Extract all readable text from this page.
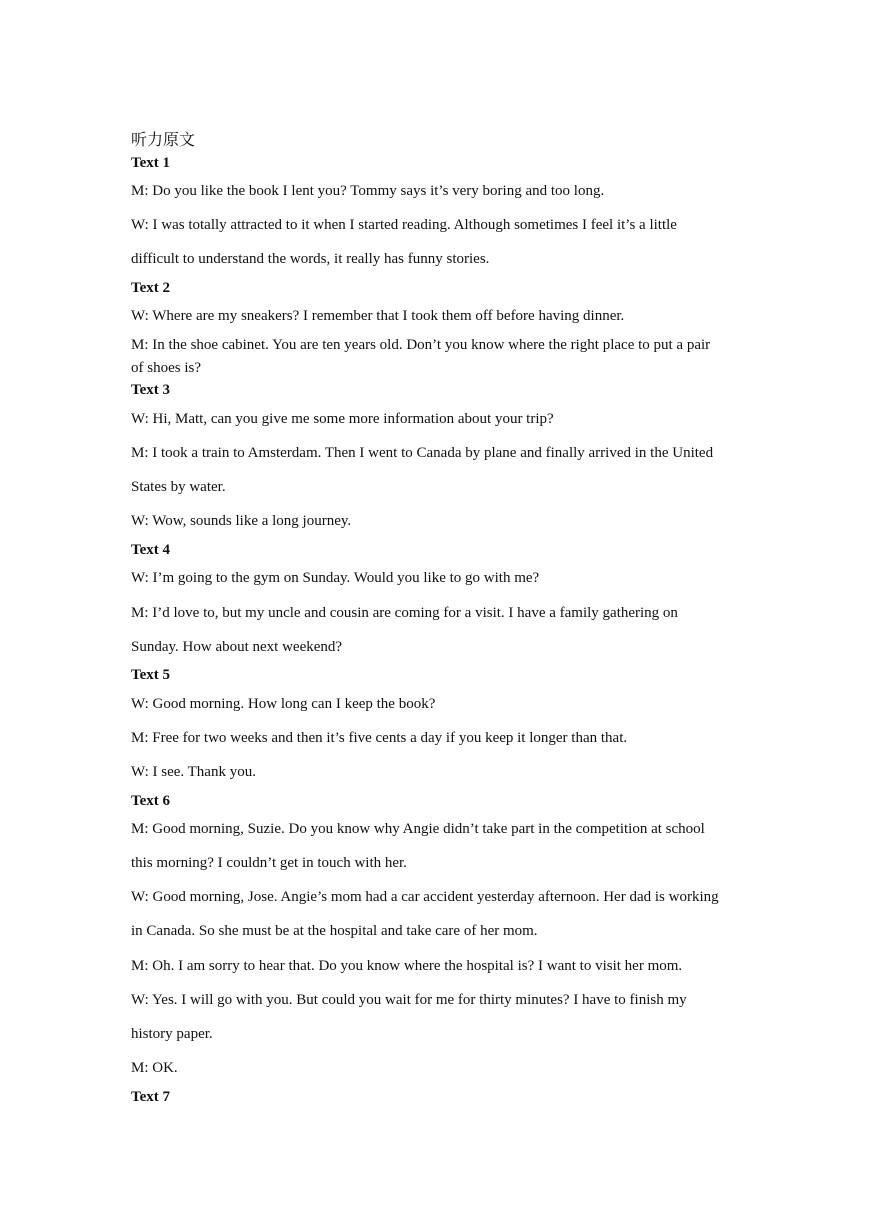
听力原文
Text 1
M: Do you like the book I lent you? Tommy says it’s very boring and too long.
W: I was totally attracted to it when I started reading. Although sometimes I feel it’s a little
difficult to understand the words, it really has funny stories.
Text 2
W: Where are my sneakers? I remember that I took them off before having dinner.
M: In the shoe cabinet. You are ten years old. Don’t you know where the right place to put a pair
of shoes is?
Text 3
W: Hi, Matt, can you give me some more information about your trip?
M: I took a train to Amsterdam. Then I went to Canada by plane and finally arrived in the United
States by water.
W: Wow, sounds like a long journey.
Text 4
W: I’m going to the gym on Sunday. Would you like to go with me?
M: I’d love to, but my uncle and cousin are coming for a visit. I have a family gathering on
Sunday. How about next weekend?
Text 5
W: Good morning. How long can I keep the book?
M: Free for two weeks and then it’s five cents a day if you keep it longer than that.
W: I see. Thank you.
Text 6
M: Good morning, Suzie. Do you know why Angie didn’t take part in the competition at school
this morning? I couldn’t get in touch with her.
W: Good morning, Jose. Angie’s mom had a car accident yesterday afternoon. Her dad is working
in Canada. So she must be at the hospital and take care of her mom.
M: Oh. I am sorry to hear that. Do you know where the hospital is? I want to visit her mom.
W: Yes. I will go with you. But could you wait for me for thirty minutes? I have to finish my
history paper.
M: OK.
Text 7
